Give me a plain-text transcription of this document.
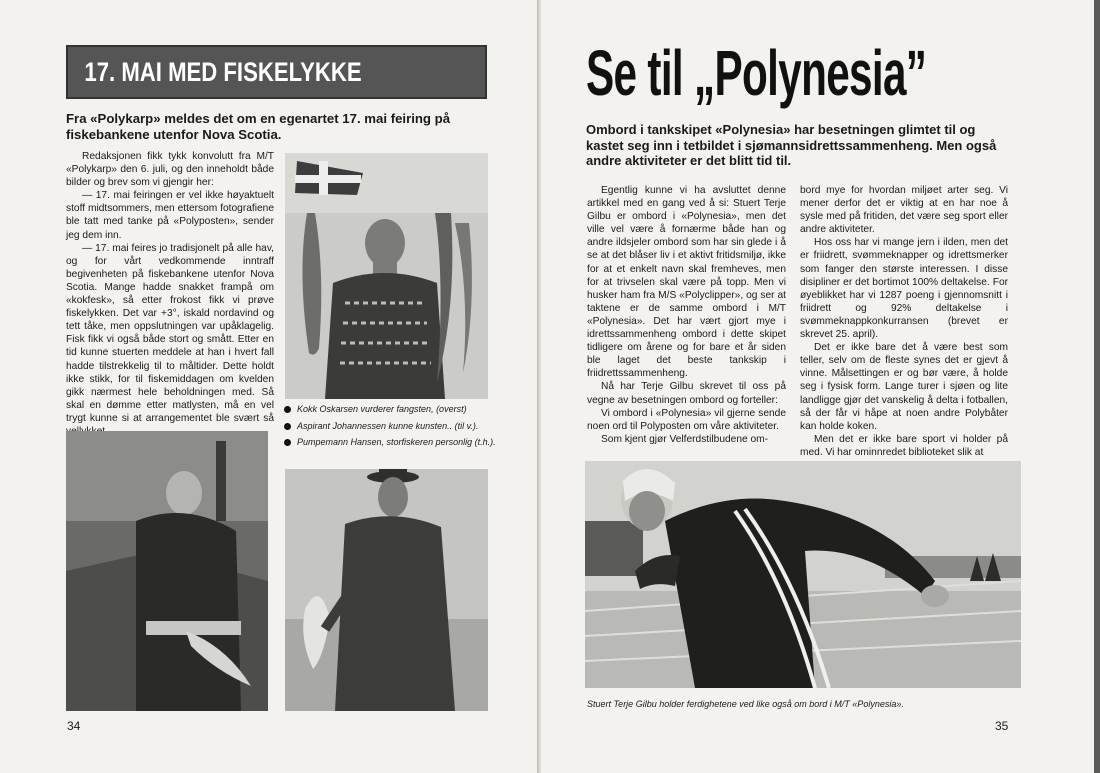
17. MAI MED FISKELYKKE
Fra «Polykarp» meldes det om en egenartet 17. mai feiring på fiskebankene utenfor Nova Scotia.

Redaksjonen fikk tykk konvolutt fra M/T «Polykarp» den 6. juli, og den inneholdt både bilder og brev som vi gjengir her:

— 17. mai feiringen er vel ikke høyaktuelt stoff midtsommers, men ettersom fotografiene ble tatt med tanke på «Polyposten», sender jeg dem inn.

— 17. mai feires jo tradisjonelt på alle hav, og for vårt vedkommende inntraff begivenheten på fiskebankene utenfor Nova Scotia. Mange hadde snakket frampå om «kokfesk», så etter frokost fikk vi prøve fiskelykken. Det var +3°, iskald nordavind og tett tåke, men oppslutningen var upåklagelig. Fisk fikk vi også både stort og smått. Etter en tid kunne stuerten meddele at han i hvert fall hadde tilstrekkelig til to måltider. Dette holdt ikke stikk, for til fiskemiddagen om kvelden gikk nærmest hele beholdningen med. Så skal en dømme etter matlysten, må en vel trygt kunne si at arrangementet ble svært så

Kokk Oskarsen vurderer fangsten, (overst)
Aspirant Johannessen kunne kunsten.. (til v.).
Pumpemann Hansen, storfiskeren personlig (t.h.).
34
Se til „Polynesia”
Ombord i tankskipet «Polynesia» har besetningen glimtet til og kastet seg inn i tetbildet i sjømannsidrettssammenheng. Men også andre aktiviteter er det blitt tid til.

Egentlig kunne vi ha avsluttet denne artikkel med en gang ved å si: Stuert Terje Gilbu er ombord i «Polynesia», men det ville vel være å fornærme både han og andre ildsjeler ombord som har sin glede i å se at det blåser liv i et aktivt fritidsmiljø, ikke for at et enkelt navn skal fremheves, men for at trivselen skal være på topp. Men vi husker ham fra M/S «Polyclipper», og ser at taktene er de samme ombord i M/T «Polynesia». Det har vært gjort mye i idrettssammenheng ombord i dette skipet tidligere om årene og for bare et år siden ble laget det beste tankskip i friidrettssammenheng.

Nå har Terje Gilbu skrevet til oss på vegne av besetningen ombord og forteller:

Vi ombord i «Polynesia» vil gjerne sende noen ord til Polyposten om våre aktiviteter.

Som kjent gjør Velferdstilbudene om-

bord mye for hvordan miljøet arter seg. Vi mener derfor det er viktig at en har noe å sysle med på fritiden, det være seg sport eller andre aktiviteter.

Hos oss har vi mange jern i ilden, men det er friidrett, svømmeknapper og idrettsmerker som fanger den største interessen. I disse disipliner er det bortimot 100% deltakelse. For øyeblikket har vi 1287 poeng i gjennomsnitt i friidrett og 92% deltakelse i svømmeknappkonkurransen (brevet er skrevet 25. april).

Det er ikke bare det å være best som teller, selv om de fleste synes det er gjevt å vinne. Målsettingen er og bør være, å holde seg i fysisk form. Lange turer i sjøen og lite landligge gjør det vanskelig å delta i fotballen, så der får vi håpe at noen andre Polybåter kan holde koken.

Men det er ikke bare sport vi holder på med. Vi har ominnredet biblioteket slik at

Stuert Terje Gilbu holder ferdighetene ved like også om bord i M/T «Polynesia».
35
